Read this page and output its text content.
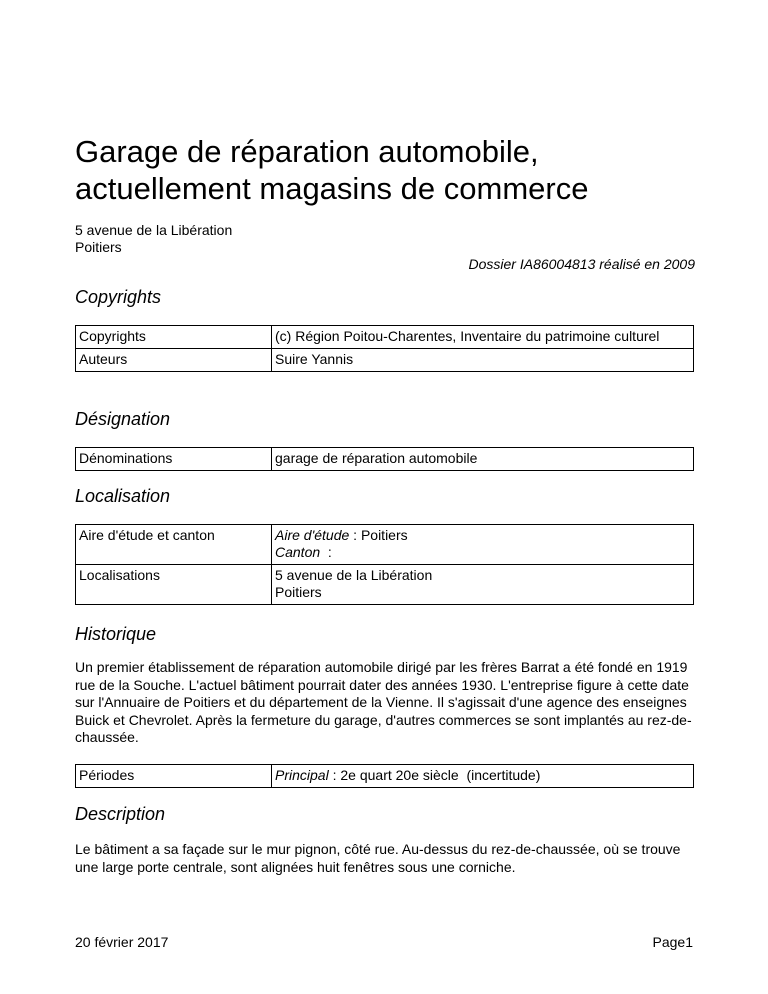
Garage de réparation automobile, actuellement magasins de commerce
5 avenue de la Libération
Poitiers
Dossier IA86004813 réalisé en 2009
Copyrights
Copyrights	(c) Région Poitou-Charentes, Inventaire du patrimoine culturel
Auteurs	Suire Yannis
Désignation
Dénominations	garage de réparation automobile
Localisation
Aire d'étude et canton	Aire d'étude : Poitiers
Canton  :

Localisations	5 avenue de la Libération
Poitiers
Historique

Un premier établissement de réparation automobile dirigé par les frères Barrat a été fondé en 1919 rue de la Souche. L'actuel bâtiment pourrait dater des années 1930. L'entreprise figure à cette date sur l'Annuaire de Poitiers et du département de la Vienne. Il s'agissait d'une agence des enseignes Buick et Chevrolet. Après la fermeture du garage, d'autres commerces se sont implantés au rez-de-chaussée.

Périodes	Principal : 2e quart 20e siècle  (incertitude)
Description

Le bâtiment a sa façade sur le mur pignon, côté rue. Au-dessus du rez-de-chaussée, où se trouve une large porte centrale, sont alignées huit fenêtres sous une corniche.

20 février 2017	Page1
